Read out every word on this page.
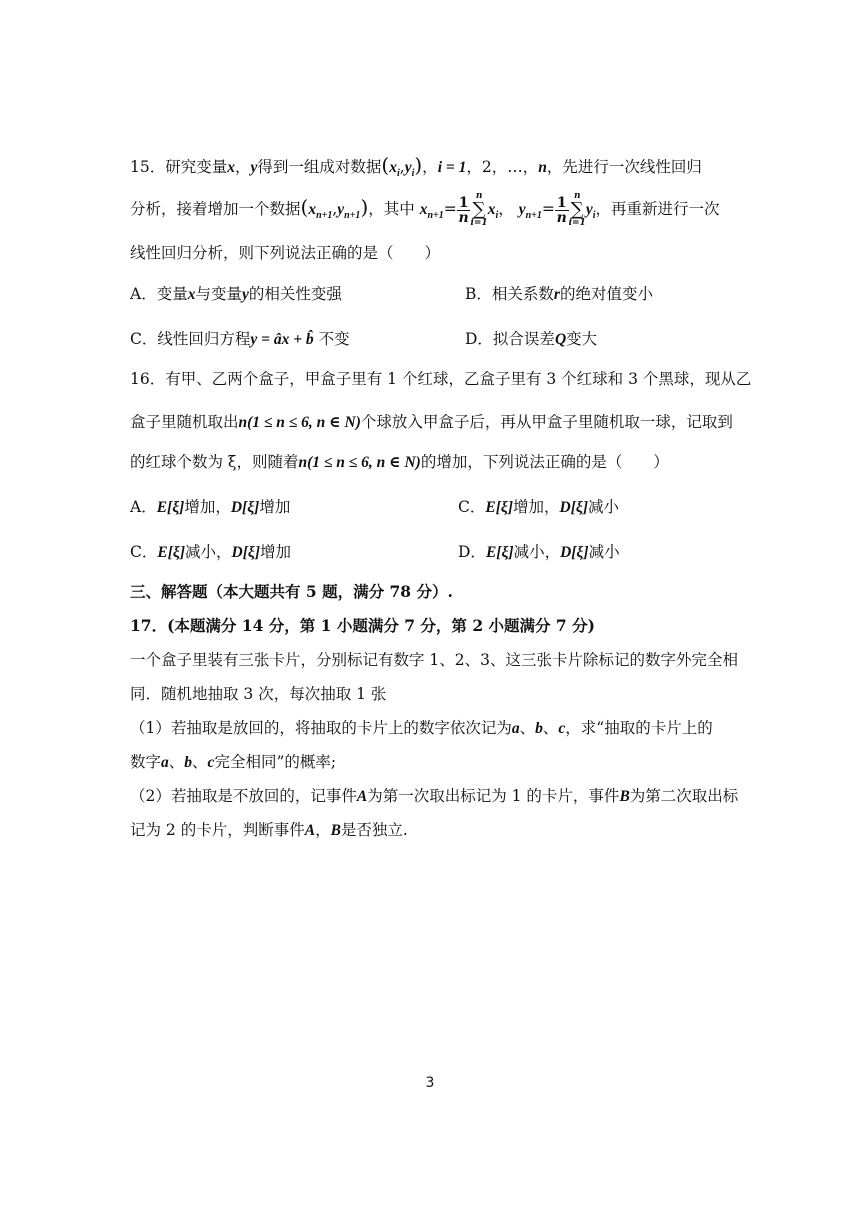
15．研究变量x，y得到一组成对数据$(x_i,y_i)$，i = 1，2，…，n，先进行一次线性回归
分析，接着增加一个数据$(x_{n+1},y_{n+1})$，其中 $x_{n+1}= \frac{1}{n}$ n
∑
i=1
$x_i$， $y_{n+1}= \frac{1}{n}$ n
∑
i=1
$y_i$，再重新进行一次
线性回归分析，则下列说法正确的是（　　）
A．变量x与变量y的相关性变强	B．相关系数r的绝对值变小
C．线性回归方程y = âx + b̂ 不变	D．拟合误差Q变大
16．有甲、乙两个盒子，甲盒子里有 1 个红球，乙盒子里有 3 个红球和 3 个黑球，现从乙
盒子里随机取出n(1 ≤ n ≤ 6, n ∈ N)个球放入甲盒子后，再从甲盒子里随机取一球，记取到
的红球个数为 ξ，则随着n(1 ≤ n ≤ 6, n ∈ N)的增加，下列说法正确的是（　　）
A．E[ξ]增加，D[ξ]增加	C．E[ξ]增加，D[ξ]减小
C．E[ξ]减小，D[ξ]增加	D．E[ξ]减小，D[ξ]减小
三、解答题（本大题共有 5 题，满分 78 分）.
17．(本题满分 14 分，第 1 小题满分 7 分，第 2 小题满分 7 分)
一个盒子里装有三张卡片，分别标记有数字 1、2、3、这三张卡片除标记的数字外完全相
同．随机地抽取 3 次，每次抽取 1 张
（1）若抽取是放回的，将抽取的卡片上的数字依次记为a、b、c，求“抽取的卡片上的
数字a、b、c完全相同”的概率;
（2）若抽取是不放回的，记事件A为第一次取出标记为 1 的卡片，事件B为第二次取出标
记为 2 的卡片，判断事件A，B是否独立.
3
